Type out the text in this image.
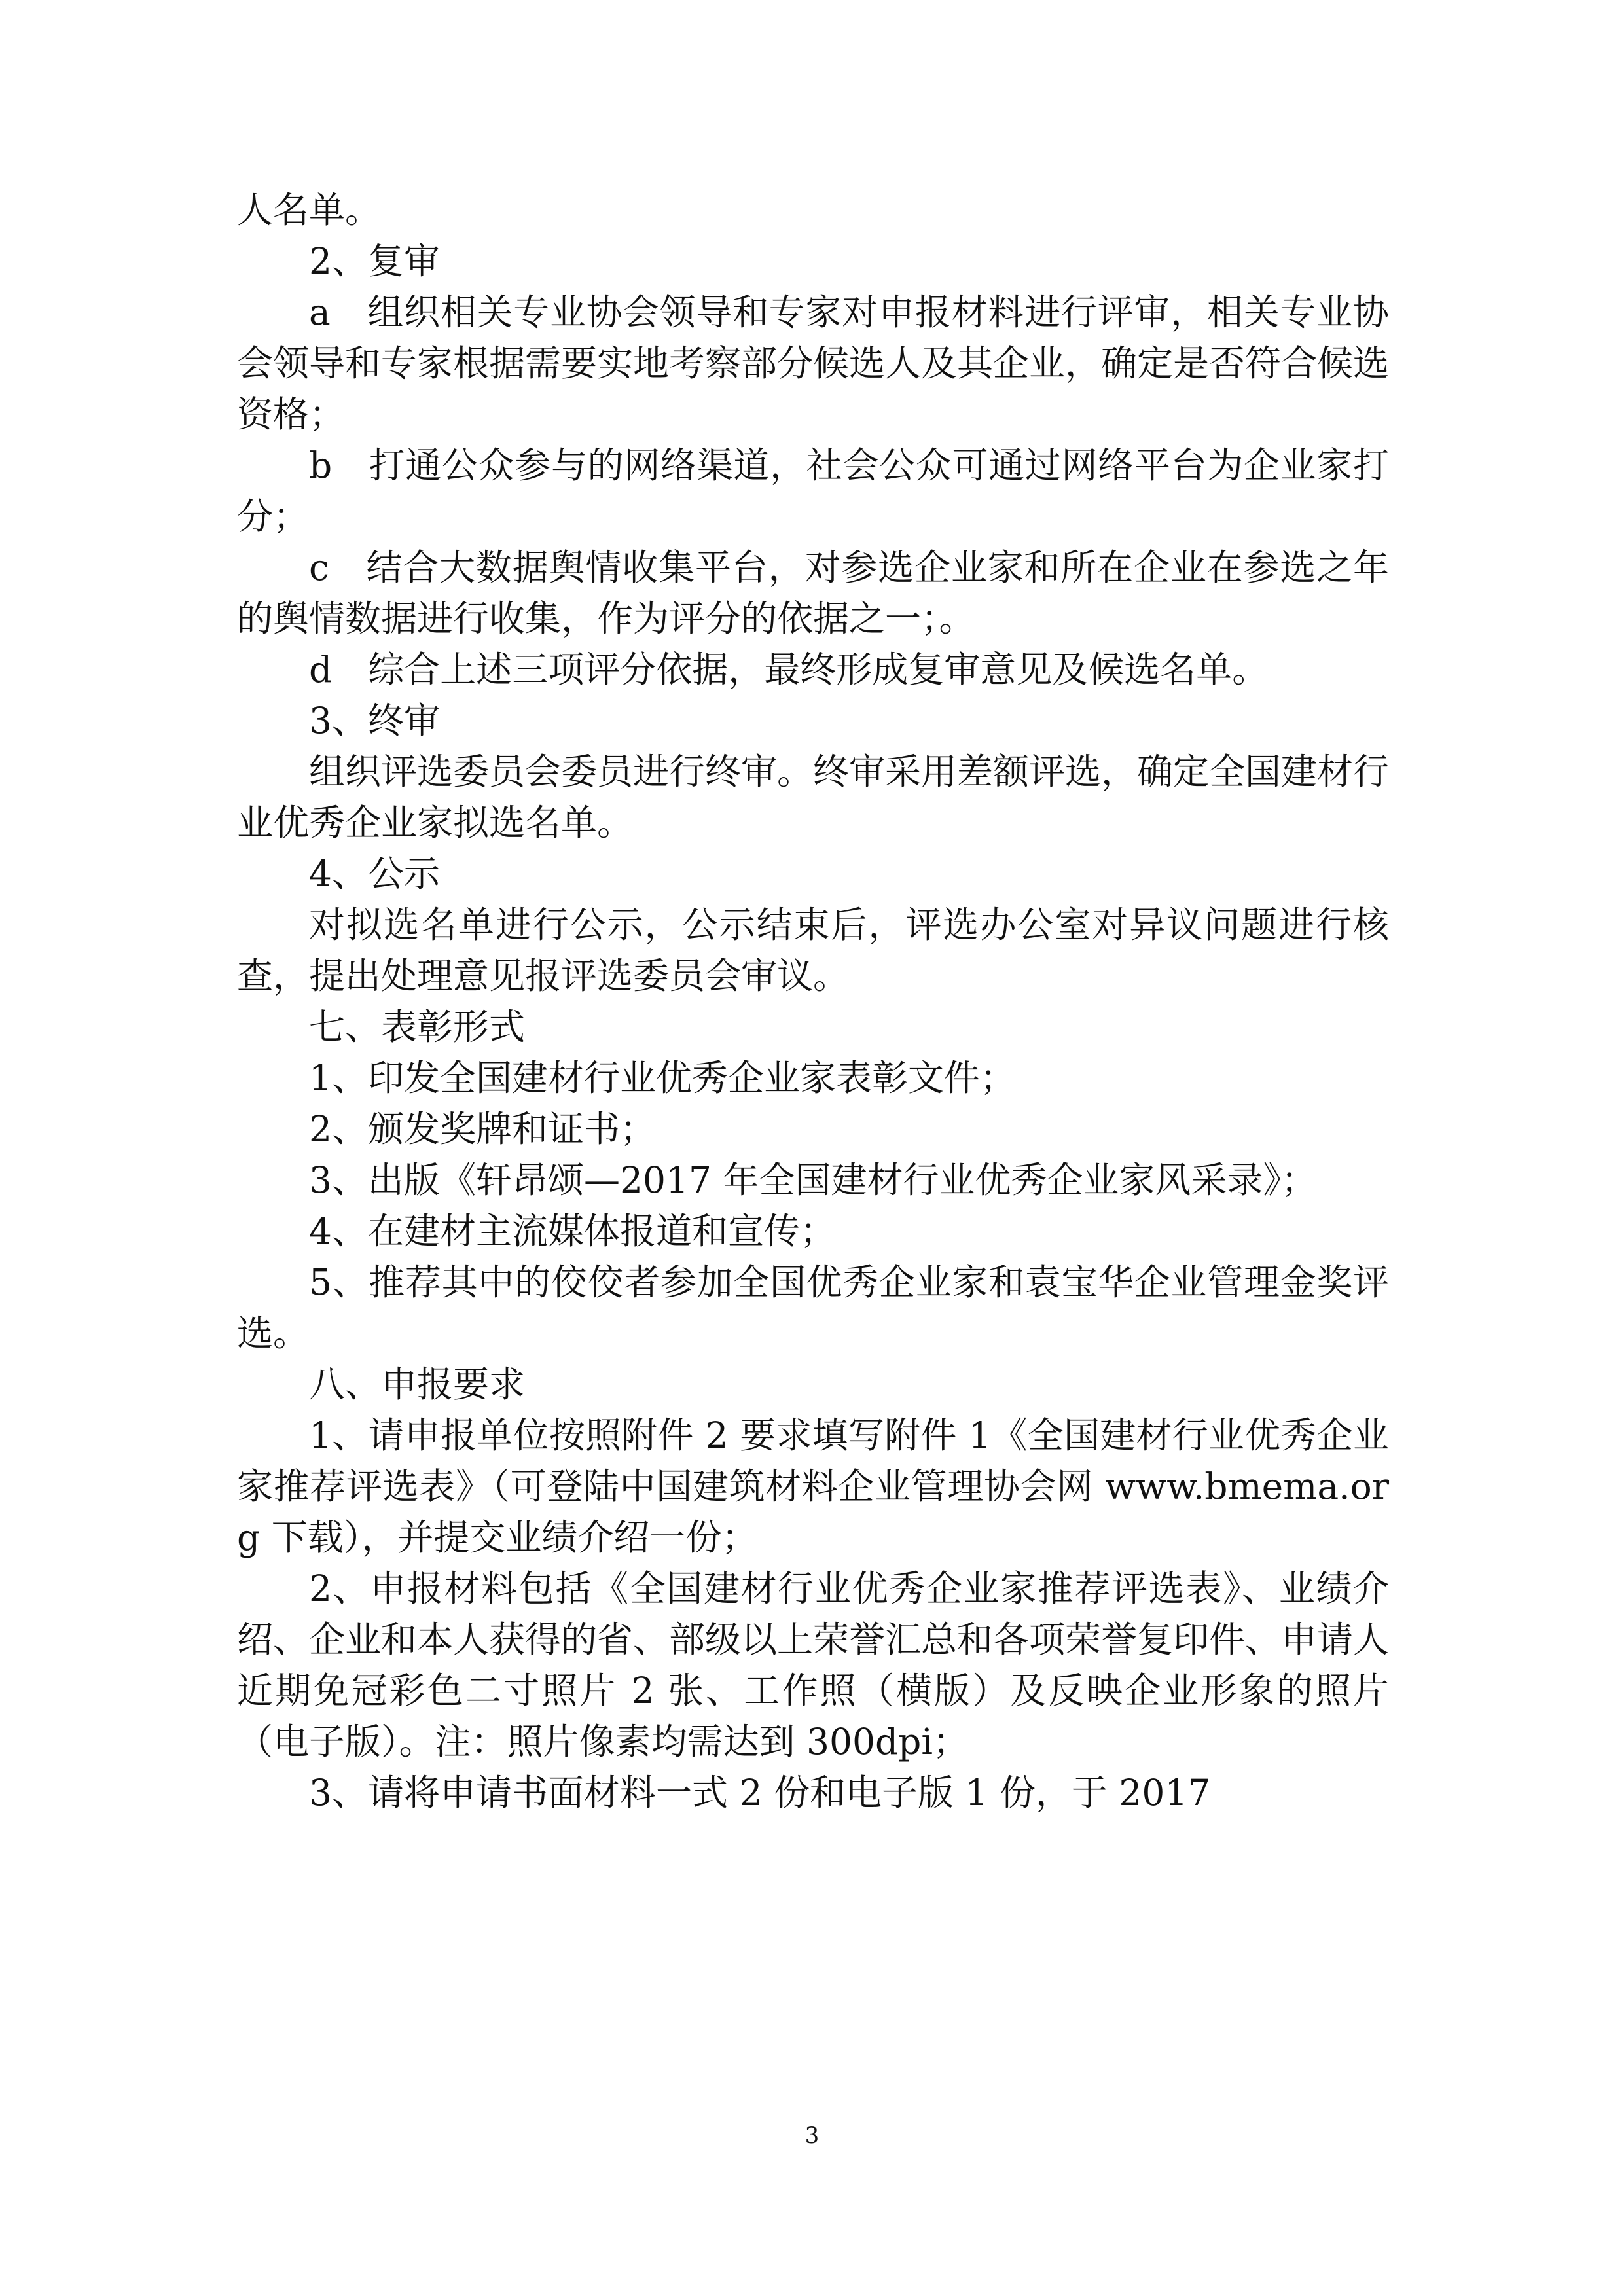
人名单。

2、复审

a　组织相关专业协会领导和专家对申报材料进行评审，相关专业协会领导和专家根据需要实地考察部分候选人及其企业，确定是否符合候选资格；

b　打通公众参与的网络渠道，社会公众可通过网络平台为企业家打分；

c　结合大数据舆情收集平台，对参选企业家和所在企业在参选之年的舆情数据进行收集，作为评分的依据之一；。

d　综合上述三项评分依据，最终形成复审意见及候选名单。

3、终审

组织评选委员会委员进行终审。终审采用差额评选，确定全国建材行业优秀企业家拟选名单。

4、公示

对拟选名单进行公示，公示结束后，评选办公室对异议问题进行核查，提出处理意见报评选委员会审议。

七、表彰形式

1、印发全国建材行业优秀企业家表彰文件；

2、颁发奖牌和证书；

3、出版《轩昂颂—2017 年全国建材行业优秀企业家风采录》；

4、在建材主流媒体报道和宣传；

5、推荐其中的佼佼者参加全国优秀企业家和袁宝华企业管理金奖评选。

八、申报要求

1、请申报单位按照附件 2 要求填写附件 1《全国建材行业优秀企业家推荐评选表》（可登陆中国建筑材料企业管理协会网 www.bmema.org 下载），并提交业绩介绍一份；

2、申报材料包括《全国建材行业优秀企业家推荐评选表》、业绩介绍、企业和本人获得的省、部级以上荣誉汇总和各项荣誉复印件、申请人近期免冠彩色二寸照片 2 张、工作照（横版）及反映企业形象的照片（电子版）。注：照片像素均需达到 300dpi；

3、请将申请书面材料一式 2 份和电子版 1 份，于 2017

3
